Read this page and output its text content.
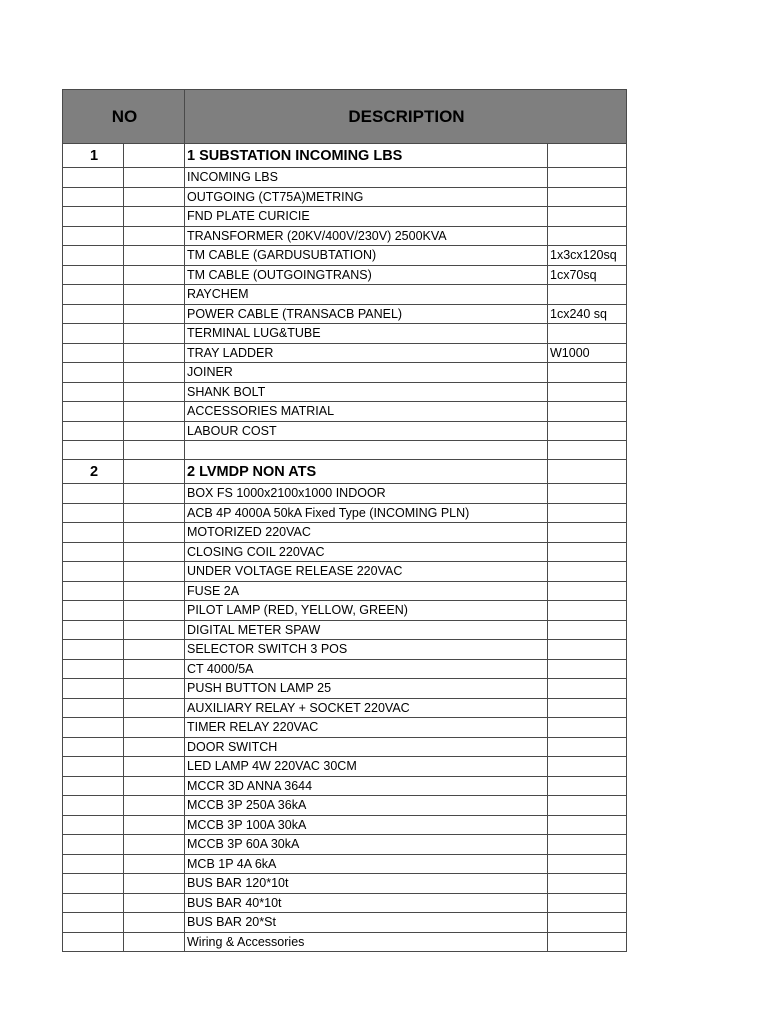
NO		DESCRIPTION	
1		1 SUBSTATION INCOMING LBS	
		INCOMING LBS	
		OUTGOING (CT75A)METRING	
		FND PLATE CURICIE	
		TRANSFORMER (20KV/400V/230V) 2500KVA	
		TM CABLE (GARDUSUBTATION)	1x3cx120sq
		TM CABLE (OUTGOINGTRANS)	1cx70sq
		RAYCHEM	
		POWER CABLE (TRANSACB PANEL)	1cx240 sq
		TERMINAL LUG&TUBE	
		TRAY LADDER	W1000
		JOINER	
		SHANK BOLT	
		ACCESSORIES MATRIAL	
		LABOUR COST	

2		2 LVMDP NON ATS	
		BOX FS 1000x2100x1000 INDOOR	
		ACB 4P 4000A 50kA Fixed Type (INCOMING PLN)	
		MOTORIZED 220VAC	
		CLOSING COIL 220VAC	
		UNDER VOLTAGE RELEASE 220VAC	
		FUSE 2A	
		PILOT LAMP (RED, YELLOW, GREEN)	
		DIGITAL METER SPAW	
		SELECTOR SWITCH 3 POS	
		CT 4000/5A	
		PUSH BUTTON LAMP 25	
		AUXILIARY RELAY + SOCKET 220VAC	
		TIMER RELAY 220VAC	
		DOOR SWITCH	
		LED LAMP 4W 220VAC 30CM	
		MCCR 3D ANNA 3644	
		MCCB 3P 250A 36kA	
		MCCB 3P 100A 30kA	
		MCCB 3P 60A 30kA	
		MCB 1P 4A 6kA	
		BUS BAR 120*10t	
		BUS BAR 40*10t	
		BUS BAR 20*St	
		Wiring & Accessories	
